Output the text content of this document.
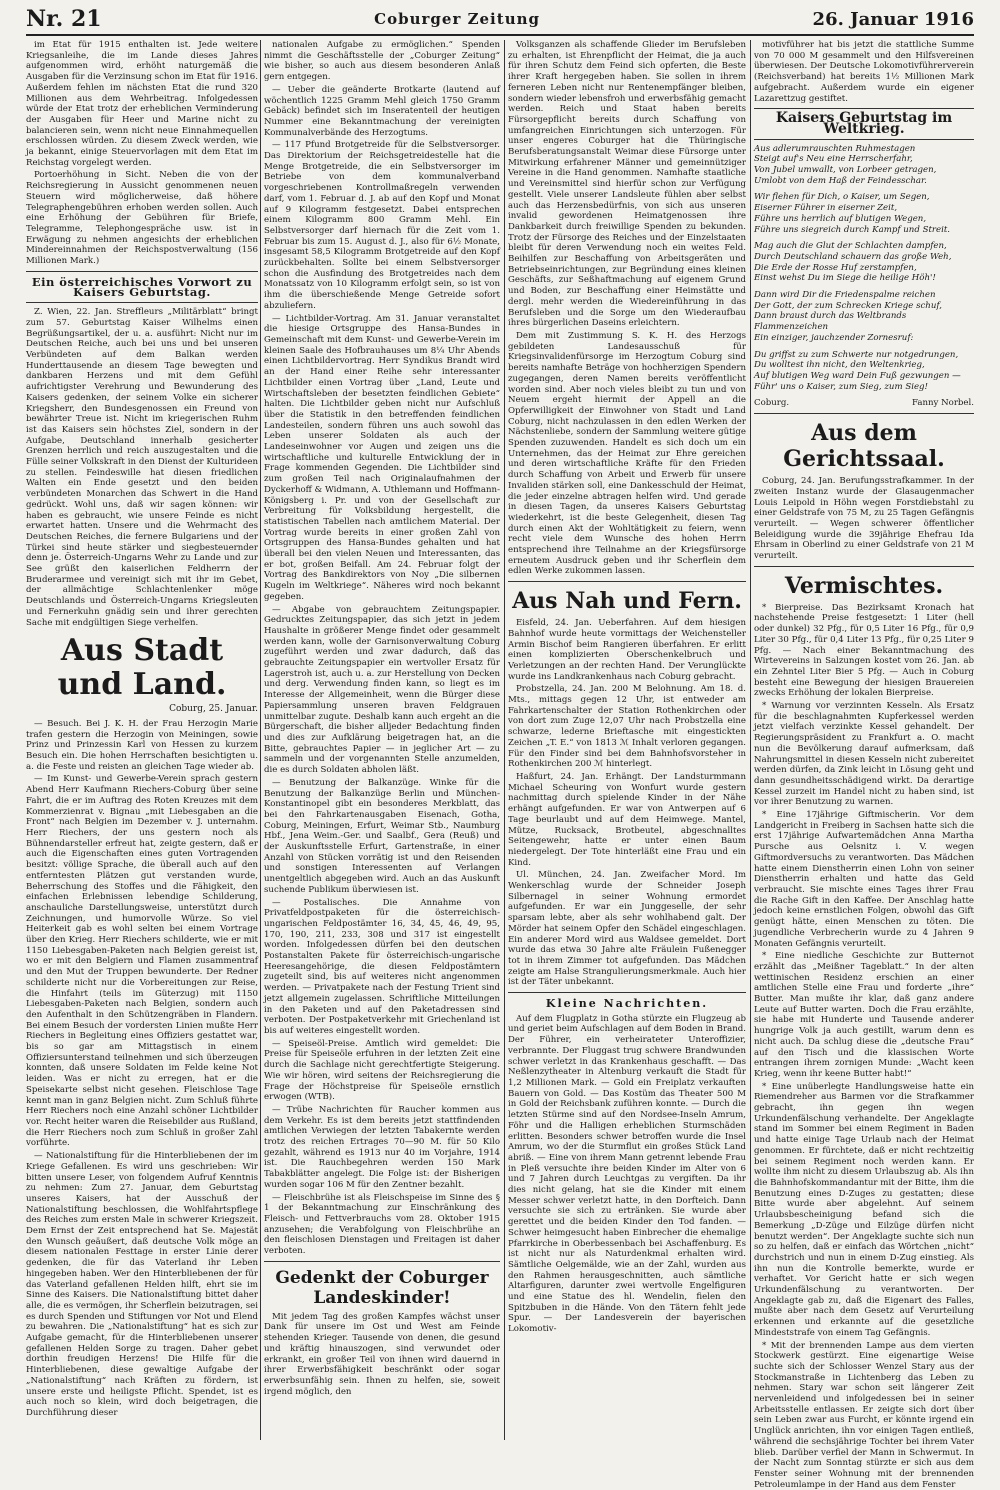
Nr. 21	Coburger Zeitung	26. Januar 1916

im Etat für 1915 enthalten ist. Jede weitere Kriegsanleihe, die im Lande dieses Jahres aufgenommen wird, erhöht naturgemäß die Ausgaben für die Verzinsung schon im Etat für 1916. Außerdem fehlen im nächsten Etat die rund 320 Millionen aus dem Wehrbeitrag. Infolgedessen würde der Etat trotz der erheblichen Verminderung der Ausgaben für Heer und Marine nicht zu balancieren sein, wenn nicht neue Einnahmequellen erschlossen würden. Zu diesem Zweck werden, wie ja bekannt, einige Steuervorlagen mit dem Etat im Reichstag vorgelegt werden.

Portoerhöhung in Sicht. Neben die von der Reichsregierung in Aussicht genommenen neuen Steuern wird möglicherweise, daß höhere Telegraphengebühren erhoben werden sollen. Auch eine Erhöhung der Gebühren für Briefe, Telegramme, Telephongespräche usw. ist in Erwägung zu nehmen angesichts der erheblichen Mindereinnahmen der Reichspostverwaltung (156 Millionen Mark.)

Ein österreichisches Vorwort zu Kaisers Geburtstag.

Z. Wien, 22. Jan. Streffleurs „Militärblatt“ bringt zum 57. Geburtstag Kaiser Wilhelms einen Begrüßungsartikel, der u. a. ausführt: Nicht nur im Deutschen Reiche, auch bei uns und bei unseren Verbündeten auf dem Balkan werden Hunderttausende an diesem Tage bewegten und dankbaren Herzens und mit dem Gefühl aufrichtigster Verehrung und Bewunderung des Kaisers gedenken, der seinem Volke ein sicherer Kriegsherr, den Bundesgenossen ein Freund von bewährter Treue ist. Nicht im kriegerischen Ruhm ist das Kaisers sein höchstes Ziel, sondern in der Aufgabe, Deutschland innerhalb gesicherter Grenzen herrlich und reich auszugestalten und die Fülle seiner Volkskraft in den Dienst der Kulturideen zu stellen. Feindeswille hat diesen friedlichen Walten ein Ende gesetzt und den beiden verbündeten Monarchen das Schwert in die Hand gedrückt. Wohl uns, daß wir sagen können: wir haben es gebraucht, wie unsere Feinde es nicht erwartet hatten. Unsere und die Wehrmacht des Deutschen Reiches, die fernere Bulgariens und der Türkei sind heute stärker und siegbesteuernder denn je. Österreich-Ungarns Wehr zu Lande und zur See grüßt den kaiserlichen Feldherrn der Bruderarmee und vereinigt sich mit ihr im Gebet, der allmächtige Schlachtenlenker möge Deutschlands und Österreich-Ungarns Kriegsleuten und Fernerkuhn gnädig sein und ihrer gerechten Sache mit endgültigen Siege verhelfen.

Aus Stadt und Land.
Coburg, 25. Januar.

— Besuch. Bei J. K. H. der Frau Herzogin Marie trafen gestern die Herzogin von Meiningen, sowie Prinz und Prinzessin Karl von Hessen zu kurzem Besuch ein. Die hohen Herrschaften besichtigten u. a. die Feste und reisten an gleichen Tage wieder ab.

— Im Kunst- und Gewerbe-Verein sprach gestern Abend Herr Kaufmann Riechers-Coburg über seine Fahrt, die er im Auftrag des Roten Kreuzes mit dem Kommerzienrat v. Bignau „mit Liebesgaben an die Front“ nach Belgien im Dezember v. J. unternahm. Herr Riechers, der uns gestern noch als Bühnendarsteller erfreut hat, zeigte gestern, daß er auch die Eigenschaften eines guten Vortragenden besitzt: völlige Sprache, die überall auch auf den entferntesten Plätzen gut verstanden wurde, Beherrschung des Stoffes und die Fähigkeit, den einfachen Erlebnissen lebendige Schilderung, anschauliche Darstellungsweise, unterstützt durch Zeichnungen, und humorvolle Würze. So viel Heiterkeit gab es wohl selten bei einem Vortrage über den Krieg. Herr Riechers schilderte, wie er mit 1150 Liebesgaben-Paketen nach Belgien gereist ist, wo er mit den Belgiern und Flamen zusammentraf und den Mut der Truppen bewunderte. Der Redner schilderte nicht nur die Vorbereitungen zur Reise, die Hinfahrt (teils im Güterzug) mit 1150 Liebesgaben-Paketen nach Belgien, sondern auch den Aufenthalt in den Schützengräben in Flandern. Bei einem Besuch der vordersten Linien mußte Herr Riechers in Begleitung eines Offiziers gestattet war, bis so gar am Mittagstisch in einem Offiziersunterstand teilnehmen und sich überzeugen konnten, daß unsere Soldaten im Felde keine Not leiden. Was er nicht zu erregen, hat er die Speisekarte selbst nicht gesehen. Fleischlose Tage kennt man in ganz Belgien nicht. Zum Schluß führte Herr Riechers noch eine Anzahl schöner Lichtbilder vor. Recht heiter waren die Reisebilder aus Rußland, die Herr Riechers noch zum Schluß in großer Zahl vorführte.

— Nationalstiftung für die Hinterbliebenen der im Kriege Gefallenen. Es wird uns geschrieben: Wir bitten unsere Leser, von folgendem Aufruf Kenntnis zu nehmen: Zum 27. Januar, dem Geburtstag unseres Kaisers, hat der Ausschuß der Nationalstiftung beschlossen, die Wohlfahrtspflege des Reiches zum ersten Male in schwerer Kriegszeit. Dem Ernst der Zeit entsprechend hat Se. Majestät den Wunsch geäußert, daß deutsche Volk möge an diesem nationalen Festtage in erster Linie derer gedenken, die für das Vaterland ihr Leben hingegeben haben. Wer den Hinterbliebenen der für das Vaterland gefallenen Helden hilft, ehrt sie im Sinne des Kaisers. Die Nationalstiftung bittet daher alle, die es vermögen, ihr Scherflein beizutragen, sei es durch Spenden und Stiftungen vor Not und Elend zu bewahren. Die „Nationalstiftung“ hat es sich zur Aufgabe gemacht, für die Hinterbliebenen unserer gefallenen Helden Sorge zu tragen. Daher gebet dorthin freudigen Herzens! Die Hilfe für die Hinterbliebenen, diese gewaltige Aufgabe der „Nationalstiftung“ nach Kräften zu fördern, ist unsere erste und heiligste Pflicht. Spendet, ist es auch noch so klein, wird doch beigetragen, die Durchführung dieser

nationalen Aufgabe zu ermöglichen.“ Spenden nimmt die Geschäftsstelle der „Coburger Zeitung“ wie bisher, so auch aus diesem besonderen Anlaß gern entgegen.

— Ueber die geänderte Brotkarte (lautend auf wöchentlich 1225 Gramm Mehl gleich 1750 Gramm Gebäck) befindet sich im Inseratenteil der heutigen Nummer eine Bekanntmachung der vereinigten Kommunalverbände des Herzogtums.

— 117 Pfund Brotgetreide für die Selbstversorger. Das Direktorium der Reichsgetreidestelle hat die Menge Brotgetreide, die ein Selbstversorger im Betriebe von dem kommunalverband vorgeschriebenen Kontrollmaßregeln verwenden darf, vom 1. Februar d. J. ab auf den Kopf und Monat auf 9 Kilogramm festgesetzt. Dabei entsprechen einem Kilogramm 800 Gramm Mehl. Ein Selbstversorger darf hiernach für die Zeit vom 1. Februar bis zum 15. August d. J., also für 6½ Monate, insgesamt 58,5 Kilogramm Brotgetreide auf den Kopf zurückbehalten. Sollte bei einem Selbstversorger schon die Ausfindung des Brotgetreides nach dem Monatssatz von 10 Kilogramm erfolgt sein, so ist von ihm die überschießende Menge Getreide sofort abzuliefern.

— Lichtbilder-Vortrag. Am 31. Januar veranstaltet die hiesige Ortsgruppe des Hansa-Bundes in Gemeinschaft mit dem Kunst- und Gewerbe-Verein im kleinen Saale des Hofbrauhauses um 8¼ Uhr Abends einen Lichtbildervortrag. Herr Syndikus Brandt wird an der Hand einer Reihe sehr interessanter Lichtbilder einen Vortrag über „Land, Leute und Wirtschaftsleben der besetzten feindlichen Gebiete“ halten. Die Lichtbilder geben nicht nur Aufschluß über die Statistik in den betreffenden feindlichen Landesteilen, sondern führen uns auch sowohl das Leben unserer Soldaten als auch der Landeseinwohner vor Augen und zeigen uns die wirtschaftliche und kulturelle Entwicklung der in Frage kommenden Gegenden. Die Lichtbilder sind zum großen Teil nach Originalaufnahmen der Dyckerhoff & Widmann, A. Uthlemann und Hoffmann-Königsberg i. Pr. und von der Gesellschaft zur Verbreitung für Volksbildung hergestellt, die statistischen Tabellen nach amtlichem Material. Der Vortrag wurde bereits in einer großen Zahl von Ortsgruppen des Hansa-Bundes gehalten und hat überall bei den vielen Neuen und Interessanten, das er bot, großen Beifall. Am 24. Februar folgt der Vortrag des Bankdirektors von Noy „Die silbernen Kugeln im Weltkriege“. Näheres wird noch bekannt gegeben.

— Abgabe von gebrauchtem Zeitungspapier. Gedrucktes Zeitungspapier, das sich jetzt in jedem Haushalte in größerer Menge findet oder gesammelt werden kann, wolle der Garnisonverwaltung Coburg zugeführt werden und zwar dadurch, daß das gebrauchte Zeitungspapier ein wertvoller Ersatz für Lagerstroh ist, auch u. a. zur Herstellung von Decken und derg. Verwendung finden kann, so liegt es im Interesse der Allgemeinheit, wenn die Bürger diese Papiersammlung unseren braven Feldgrauen unmittelbar zugute. Deshalb kann auch ergeht an die Bürgerschaft, die bisher alljeder Bedachtung finden und dies zur Aufklärung beigetragen hat, an die Bitte, gebrauchtes Papier — in jeglicher Art — zu sammeln und der vorgenannten Stelle anzumelden, die es durch Soldaten abholen läßt.

— Benutzung der Balkanzüge. Winke für die Benutzung der Balkanzüge Berlin und München-Konstantinopel gibt ein besonderes Merkblatt, das bei den Fahrkartenausgaben Eisenach, Gotha, Coburg, Meiningen, Erfurt, Weimar Stb., Naumburg Hbf., Jena Weim.-Ger. und Saalbf., Gera (Reuß) und der Auskunftsstelle Erfurt, Gartenstraße, in einer Anzahl von Stücken vorrätig ist und den Reisenden und sonstigen Interessenten auf Verlangen unentgeltlich abgegeben wird. Auch an das Auskunft suchende Publikum überwiesen ist.

— Postalisches. Die Annahme von Privatfeldpostpaketen für die österreichisch-ungarischen Feldpostämter 16, 34, 45, 46, 49, 95, 170, 190, 211, 233, 308 und 317 ist eingestellt worden. Infolgedessen dürfen bei den deutschen Postanstalten Pakete für österreichisch-ungarische Heeresangehörige, die diesen Feldpostämtern zugeteilt sind, bis auf weiteres nicht angenommen werden. — Privatpakete nach der Festung Trient sind jetzt allgemein zugelassen. Schriftliche Mitteilungen in den Paketen und auf den Paketadressen sind verboten. Der Postpaketverkehr mit Griechenland ist bis auf weiteres eingestellt worden.

— Speiseöl-Preise. Amtlich wird gemeldet: Die Preise für Speiseöle erfuhren in der letzten Zeit eine durch die Sachlage nicht gerechtfertigte Steigerung. Wie wir hören, wird seitens der Reichsregierung die Frage der Höchstpreise für Speiseöle ernstlich erwogen (WTB).

— Trübe Nachrichten für Raucher kommen aus dem Verkehr. Es ist dem bereits jetzt stattfindenden amtlichen Verwiegen der letzten Tabakernte werden trotz des reichen Ertrages 70—90 M. für 50 Kilo gezahlt, während es 1913 nur 40 im Vorjahre, 1914 ist. Die Rauchbegehren werden 150 Mark Tabakblätter angelegt. Die Folge ist: der Bisherigen wurden sogar 106 M für den Zentner bezahlt.

— Fleischbrühe ist als Fleischspeise im Sinne des § 1 der Bekanntmachung zur Einschränkung des Fleisch- und Fettverbrauchs vom 28. Oktober 1915 anzusehen; die Verabfolgung von Fleischbrühe an den fleischlosen Dienstagen und Freitagen ist daher verboten.

Gedenkt der Coburger Landeskinder!

Mit jedem Tag des großen Kampfes wächst unser Dank für unsere im Ost und West am Feinde stehenden Krieger. Tausende von denen, die gesund und kräftig hinauszogen, sind verwundet oder erkrankt, ein großer Teil von ihnen wird dauernd in ihrer Erwerbsfähigkeit beschränkt oder sogar erwerbsunfähig sein. Ihnen zu helfen, sie, soweit irgend möglich, den

Volksganzen als schaffende Glieder im Berufsleben zu erhalten, ist Ehrenpflicht der Heimat, die ja auch für ihren Schutz dem Feind sich opferten, die Beste ihrer Kraft hergegeben haben. Sie sollen in ihrem ferneren Leben nicht nur Rentenempfänger bleiben, sondern wieder lebensfroh und erwerbsfähig gemacht werden. Reich und Staat haben bereits Fürsorgepflicht bereits durch Schaffung von umfangreichen Einrichtungen sich unterzogen. Für unser engeres Coburger hat die Thüringische Berufsberatungsanstalt Weimar diese Fürsorge unter Mitwirkung erfahrener Männer und gemeinnütziger Vereine in die Hand genommen. Namhafte staatliche und Vereinsmittel sind hierfür schon zur Verfügung gestellt. Viele unserer Landsleute fühlen aber selbst auch das Herzensbedürfnis, von sich aus unseren invalid gewordenen Heimatgenossen ihre Dankbarkeit durch freiwillige Spenden zu bekunden. Trotz der Fürsorge des Reiches und der Einzelstaaten bleibt für deren Verwendung noch ein weites Feld. Beihilfen zur Beschaffung von Arbeitsgeräten und Betriebseinrichtungen, zur Begründung eines kleinen Geschäfts, zur Seßhaftmachung auf eigenem Grund und Boden, zur Beschaffung einer Heimstätte und dergl. mehr werden die Wiedereinführung in das Berufsleben und die Sorge um den Wiederaufbau ihres bürgerlichen Daseins erleichtern.

Dem mit Zustimmung S. K. H. des Herzogs gebildeten Landesausschuß für Kriegsinvalidenfürsorge im Herzogtum Coburg sind bereits namhafte Beträge von hochherzigen Spendern zugegangen, deren Namen bereits veröffentlicht worden sind. Aber noch vieles bleibt zu tun und von Neuem ergeht hiermit der Appell an die Opferwilligkeit der Einwohner von Stadt und Land Coburg, nicht nachzulassen in den edlen Werken der Nächstenliebe, sondern der Sammlung weitere gütige Spenden zuzuwenden. Handelt es sich doch um ein Unternehmen, das der Heimat zur Ehre gereichen und deren wirtschaftliche Kräfte für den Frieden durch Schaffung von Arbeit und Erwerb für unsere Invaliden stärken soll, eine Dankesschuld der Heimat, die jeder einzelne abtragen helfen wird. Und gerade in diesen Tagen, da unseres Kaisers Geburtstag wiederkehrt, ist die beste Gelegenheit, diesen Tag durch einen Akt der Wohltätigkeit zu feiern, wenn recht viele dem Wunsche des hohen Herrn entsprechend ihre Teilnahme an der Kriegsfürsorge erneutem Ausdruck geben und ihr Scherflein dem edlen Werke zukommen lassen.

Aus Nah und Fern.

Eisfeld, 24. Jan. Ueberfahren. Auf dem hiesigen Bahnhof wurde heute vormittags der Weichensteller Armin Bischof beim Rangieren überfahren. Er erlitt einen komplizierten Oberschenkelbruch und Verletzungen an der rechten Hand. Der Verunglückte wurde ins Landkrankenhaus nach Coburg gebracht.

Probstzella, 24. Jan. 200 M Belohnung. Am 18. d. Mts., mittags gegen 12 Uhr, ist entweder am Fahrkartenschalter der Station Rothenkirchen oder von dort zum Zuge 12,07 Uhr nach Probstzella eine schwarze, lederne Brieftasche mit eingestickten Zeichen „T. E.“ von 1813 ℳ Inhalt verloren gegangen. Für den Finder sind bei dem Bahnhofsvorsteher in Rothenkirchen 200 ℳ hinterlegt.

Haßfurt, 24. Jan. Erhängt. Der Landsturmmann Michael Scheuring von Wonfurt wurde gestern nachmittag durch spielende Kinder in der Nähe erhängt aufgefunden. Er war von Antwerpen auf 6 Tage beurlaubt und auf dem Heimwege. Mantel, Mütze, Rucksack, Brotbeutel, abgeschnalltes Seitengewehr, hatte er unter einen Baum niedergelegt. Der Tote hinterläßt eine Frau und ein Kind.

Ul. München, 24. Jan. Zweifacher Mord. Im Wenkerschlag wurde der Schneider Joseph Silbernagel in seiner Wohnung ermordet aufgefunden. Er war ein Junggeselle, der sehr sparsam lebte, aber als sehr wohlhabend galt. Der Mörder hat seinem Opfer den Schädel eingeschlagen. Ein anderer Mord wird aus Waldsee gemeldet. Dort wurde das etwa 30 Jahre alte Fräulein Fußenegger tot in ihrem Zimmer tot aufgefunden. Das Mädchen zeigte am Halse Strangulierungsmerkmale. Auch hier ist der Täter unbekannt.

Kleine Nachrichten.

Auf dem Flugplatz in Gotha stürzte ein Flugzeug ab und geriet beim Aufschlagen auf dem Boden in Brand. Der Führer, ein verheirateter Unteroffizier, verbrannte. Der Fluggast trug schwere Brandwunden schwer verletzt in das Krankenhaus geschafft. — Das Neßlenzytheater in Altenburg verkauft die Stadt für 1,2 Millionen Mark. — Gold ein Freiplatz verkauften Bauern von Gold. — Das Kostüm das Theater 500 M in Gold der Reichsbank zuführen konnte. — Durch die letzten Stürme sind auf den Nordsee-Inseln Amrum, Föhr und die Halligen erheblichen Sturmschäden erlitten. Besonders schwer betroffen wurde die Insel Amrum, wo der die Sturmflut ein großes Stück Land abriß. — Eine von ihrem Mann getrennt lebende Frau in Pleß versuchte ihre beiden Kinder im Alter von 6 und 7 Jahren durch Leuchtgas zu vergiften. Da ihr dies nicht gelang, hat sie die Kinder mit einem Messer schwer verletzt hatte, in den Dorfteich. Dann versuchte sie sich zu ertränken. Sie wurde aber gerettet und die beiden Kinder den Tod fanden. — Schwer heimgesucht haben Einbrecher die ehemalige Pfarrkirche in Oberbessenbach bei Aschaffenburg. Es ist nicht nur als Naturdenkmal erhalten wird. Sämtliche Oelgemälde, wie an der Zahl, wurden aus den Rahmen herausgeschnitten, auch sämtliche Altarfiguren, darunter zwei wertvolle Engelfiguren und eine Statue des hl. Wendelin, fielen den Spitzbuben in die Hände. Von den Tätern fehlt jede Spur. — Der Landesverein der bayerischen Lokomotiv-

motivführer hat bis jetzt die stattliche Summe von 70 000 M gesammelt und den Hilfsvereinen überwiesen. Der Deutsche Lokomotivführerverein (Reichsverband) hat bereits 1½ Millionen Mark aufgebracht. Außerdem wurde ein eigener Lazarettzug gestiftet.

Kaisers Geburtstag im Weltkrieg.

Aus adlerumrauschten Ruhmestagen

Steigt auf's Neu eine Herrscherfahr,

Von Jubel umwallt, von Lorbeer getragen,

Umlobt von dem Haß der Feindesschar.

Wir flehen für Dich, o Kaiser, um Segen,

Eiserner Führer in eiserner Zeit,

Führe uns herrlich auf blutigen Wegen,

Führe uns siegreich durch Kampf und Streit.

Mag auch die Glut der Schlachten dampfen,

Durch Deutschland schauern das große Weh,

Die Erde der Rosse Huf zerstampfen,

Einst wehst Du im Siege die heilige Höh'!

Dann wird Dir die Friedenspalme reichen

Der Gott, der zum Schrecken Kriege schuf,

Dann braust durch das Weltbrands Flammenzeichen

Ein einziger, jauchzender Zornesruf:

Du griffst zu zum Schwerte nur notgedrungen,

Du wolltest ihn nicht, den Weltenkrieg,

Auf blutigen Weg ward Dein Fuß gezwungen —

Führ' uns o Kaiser, zum Sieg, zum Sieg!

Coburg.	Fanny Norbel.
Aus dem Gerichtssaal.

Coburg, 24. Jan. Berufungsstrafkammer. In der zweiten Instanz wurde der Glasaugenmacher Louis Leipold in Höhn wegen Forstdiebstahl zu einer Geldstrafe von 75 M, zu 25 Tagen Gefängnis verurteilt. — Wegen schwerer öffentlicher Beleidigung wurde die 39jährige Ehefrau Ida Ehrsam in Oberlind zu einer Geldstrafe von 21 M verurteilt.

Vermischtes.

* Bierpreise. Das Bezirksamt Kronach hat nachstehende Preise festgesetzt: 1 Liter (hell oder dunkel) 32 Pfg., für 0,5 Liter 16 Pfg., für 0,9 Liter 30 Pfg., für 0,4 Liter 13 Pfg., für 0,25 Liter 9 Pfg. — Nach einer Bekanntmachung des Wirtevereins in Salzungen kostet vom 26. Jan. ab ein Zehntel Liter Bier 5 Pfg. — Auch in Coburg besteht eine Bewegung der hiesigen Brauereien zwecks Erhöhung der lokalen Bierpreise.

* Warnung vor verzinnten Kesseln. Als Ersatz für die beschlagnahmten Kupferkessel werden jetzt vielfach verzinkte Kessel gehandelt. Der Regierungspräsident zu Frankfurt a. O. macht nun die Bevölkerung darauf aufmerksam, daß Nahrungsmittel in diesen Kesseln nicht zubereitet werden dürfen, da Zink leicht in Lösung geht und dann gesundheitsschädigend wirkt. Da derartige Kessel zurzeit im Handel nicht zu haben sind, ist vor ihrer Benutzung zu warnen.

* Eine 17jährige Giftmischerin. Vor dem Landgericht in Freiberg in Sachsen hatte sich die erst 17jährige Aufwartemädchen Anna Martha Pursche aus Oelsnitz i. V. wegen Giftmordversuchs zu verantworten. Das Mädchen hatte einem Dienstherrin einen Lohn von seiner Dienstherrin erhalten und hatte das Geld verbraucht. Sie mischte eines Tages ihrer Frau die Rache Gift in den Kaffee. Der Anschlag hatte jedoch keine ernstlichen Folgen, obwohl das Gift genügt hätte, einen Menschen zu töten. Die jugendliche Verbrecherin wurde zu 4 Jahren 9 Monaten Gefängnis verurteilt.

* Eine niedliche Geschichte zur Butternot erzählt das „Meißner Tageblatt.“ In der alten wettinischen Residenz erschien an einer amtlichen Stelle eine Frau und forderte „ihre“ Butter. Man mußte ihr klar, daß ganz andere Leute auf Butter warten. Doch die Frau erzählte, sie habe mit Hunderte und Tausende anderer hungrige Volk ja auch gestillt, warum denn es nicht auch. Da schlug diese die „deutsche Frau“ auf den Tisch und die klassischen Worte entrangen ihrem zornigen Munde: „Wacht keen Krieg, wenn ihr keene Butter habt!“

* Eine unüberlegte Handlungsweise hatte ein Riemendreher aus Barmen vor die Strafkammer gebracht, ihn gegen ihn wegen Urkundenfälschung verhandelte. Der Angeklagte stand im Sommer bei einem Regiment in Baden und hatte einige Tage Urlaub nach der Heimat genommen. Er fürchtete, daß er nicht rechtzeitig bei seinem Regiment noch werden kann. Er wollte ihm nicht zu diesem Urlaubszug ab. Als ihn die Bahnhofskommandantur mit der Bitte, ihm die Benutzung eines D-Zuges zu gestatten; diese Bitte wurde aber abgelehnt. Auf seinem Urlaubsbescheinigung befand sich die Bemerkung „D-Züge und Eilzüge dürfen nicht benutzt werden“. Der Angeklagte suchte sich nun so zu helfen, daß er einfach das Wörtchen „nicht“ durchstrich und nun in einem D-Zug einstieg. Als ihn nun die Kontrolle bemerkte, wurde er verhaftet. Vor Gericht hatte er sich wegen Urkundenfälschung zu verantworten. Der Angeklagte gab zu, daß die Eigenart des Falles, mußte aber nach dem Gesetz auf Verurteilung erkennen und erkannte auf die gesetzliche Mindeststrafe von einem Tag Gefängnis.

* Mit der brennenden Lampe aus dem vierten Stockwerk gestürzt. Eine eigenartige Weise suchte sich der Schlosser Wenzel Stary aus der Stockmanstraße in Lichtenberg das Leben zu nehmen. Stary war schon seit längerer Zeit nervenleidend und infolgedessen bei in seiner Arbeitsstelle entlassen. Er zeigte sich dort über sein Leben zwar aus Furcht, er könnte irgend ein Unglück anrichten, ihn vor einigen Tagen entließ, während die sechsjährige Tochter bei ihrem Vater blieb. Darüber verfiel der Mann in Schwermut. In der Nacht zum Sonntag stürzte er sich aus dem Fenster seiner Wohnung mit der brennenden Petroleumlampe in der Hand aus dem Fenster
